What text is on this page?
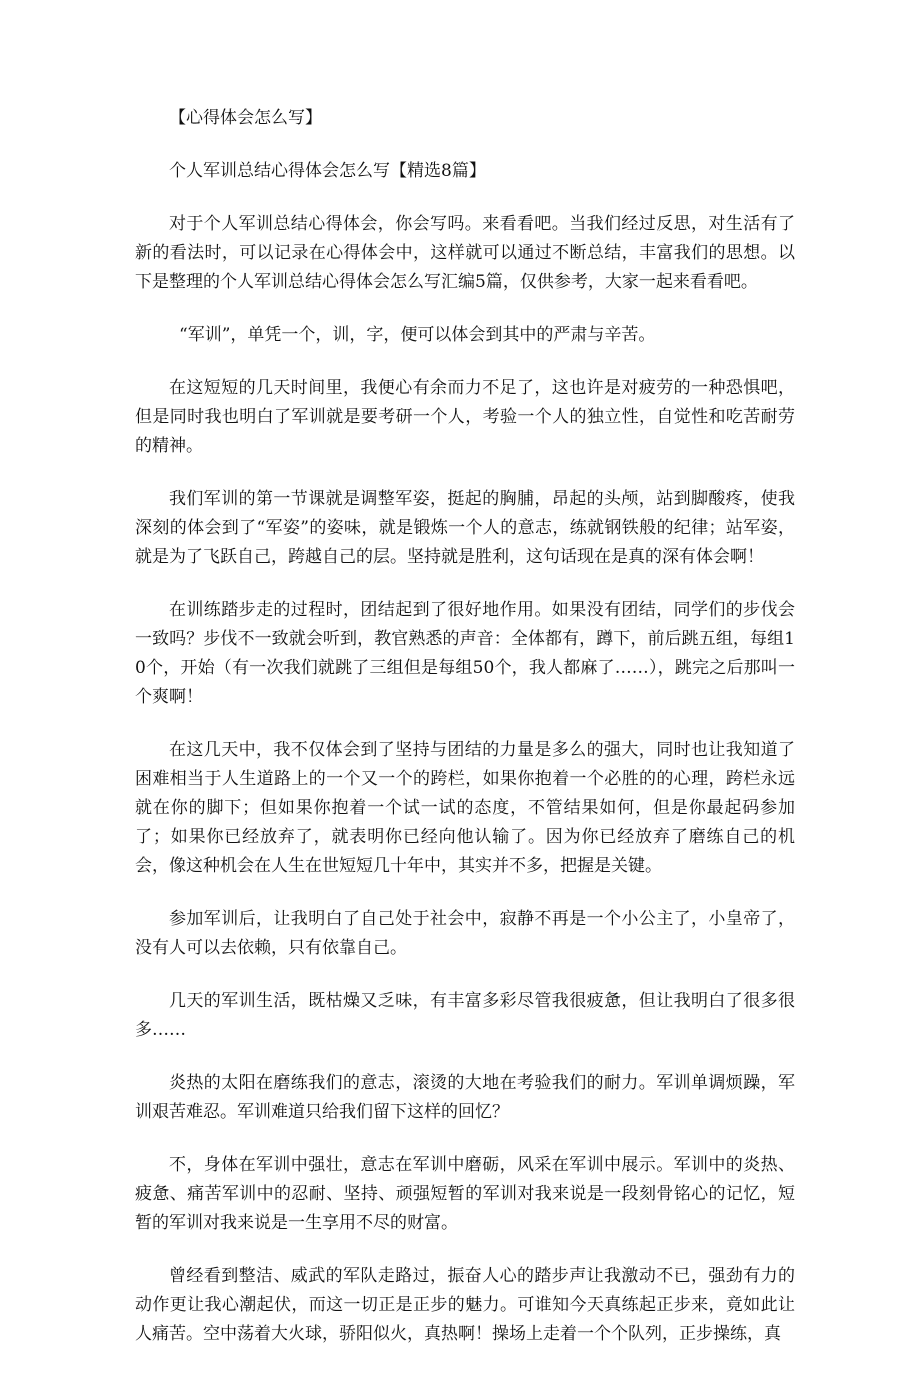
【心得体会怎么写】

个人军训总结心得体会怎么写【精选8篇】

对于个人军训总结心得体会，你会写吗。来看看吧。当我们经过反思，对生活有了新的看法时，可以记录在心得体会中，这样就可以通过不断总结，丰富我们的思想。以下是整理的个人军训总结心得体会怎么写汇编5篇，仅供参考，大家一起来看看吧。

“军训”，单凭一个，训，字，便可以体会到其中的严肃与辛苦。

在这短短的几天时间里，我便心有余而力不足了，这也许是对疲劳的一种恐惧吧，但是同时我也明白了军训就是要考研一个人，考验一个人的独立性，自觉性和吃苦耐劳的精神。

我们军训的第一节课就是调整军姿，挺起的胸脯，昂起的头颅，站到脚酸疼，使我深刻的体会到了“军姿”的姿味，就是锻炼一个人的意志，练就钢铁般的纪律；站军姿，就是为了飞跃自己，跨越自己的层。坚持就是胜利，这句话现在是真的深有体会啊！

在训练踏步走的过程时，团结起到了很好地作用。如果没有团结，同学们的步伐会一致吗？步伐不一致就会听到，教官熟悉的声音：全体都有，蹲下，前后跳五组，每组10个，开始（有一次我们就跳了三组但是每组50个，我人都麻了……），跳完之后那叫一个爽啊！

在这几天中，我不仅体会到了坚持与团结的力量是多么的强大，同时也让我知道了困难相当于人生道路上的一个又一个的跨栏，如果你抱着一个必胜的的心理，跨栏永远就在你的脚下；但如果你抱着一个试一试的态度，不管结果如何，但是你最起码参加了；如果你已经放弃了，就表明你已经向他认输了。因为你已经放弃了磨练自己的机会，像这种机会在人生在世短短几十年中，其实并不多，把握是关键。

参加军训后，让我明白了自己处于社会中，寂静不再是一个小公主了，小皇帝了，没有人可以去依赖，只有依靠自己。

几天的军训生活，既枯燥又乏味，有丰富多彩尽管我很疲惫，但让我明白了很多很多……

炎热的太阳在磨练我们的意志，滚烫的大地在考验我们的耐力。军训单调烦躁，军训艰苦难忍。军训难道只给我们留下这样的回忆？

不，身体在军训中强壮，意志在军训中磨砺，风采在军训中展示。军训中的炎热、疲惫、痛苦军训中的忍耐、坚持、顽强短暂的军训对我来说是一段刻骨铭心的记忆，短暂的军训对我来说是一生享用不尽的财富。

曾经看到整洁、威武的军队走路过，振奋人心的踏步声让我激动不已，强劲有力的动作更让我心潮起伏，而这一切正是正步的魅力。可谁知今天真练起正步来，竟如此让人痛苦。空中荡着大火球，骄阳似火，真热啊！操场上走着一个个队列，正步操练，真
